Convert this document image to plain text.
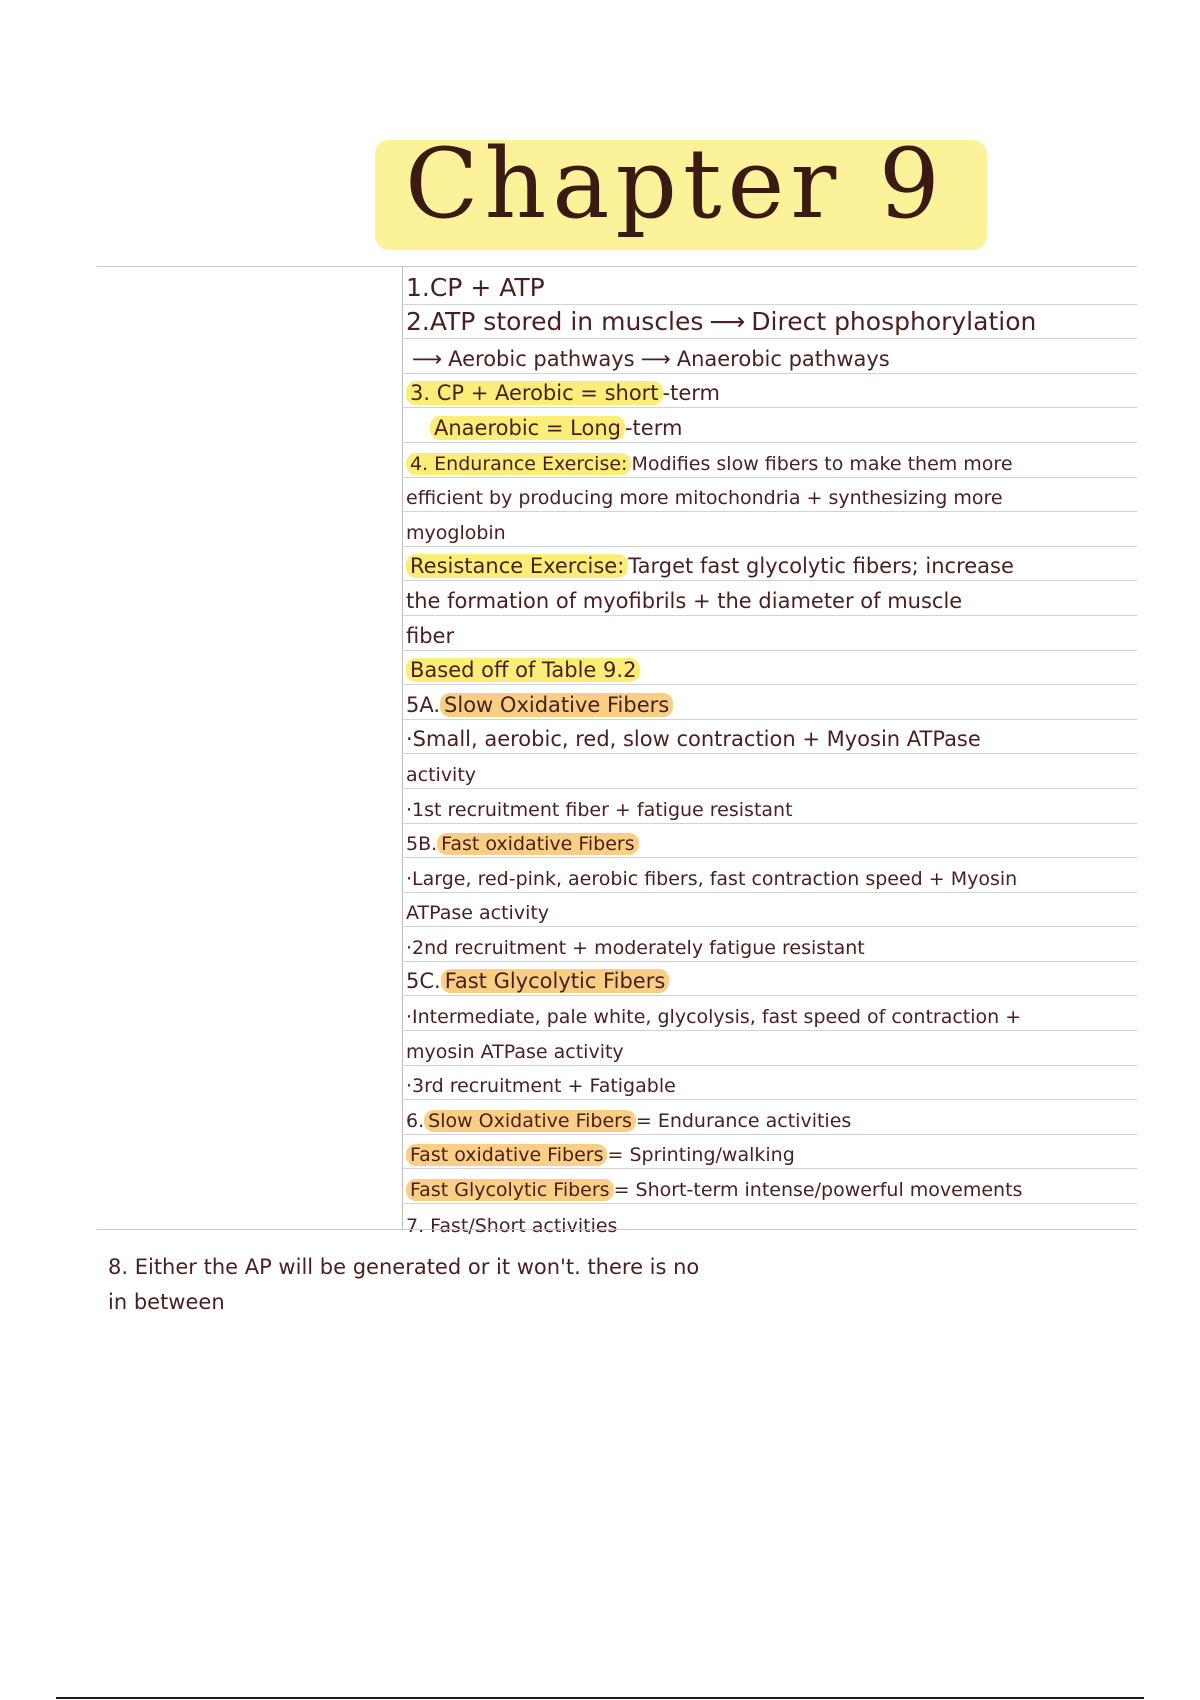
Chapter 9
1.CP + ATP
2.ATP stored in muscles ⟶ Direct phosphorylation
⟶ Aerobic pathways ⟶ Anaerobic pathways
3. CP + Aerobic = short -term
Anaerobic = Long -term
4. Endurance Exercise: Modifies slow fibers to make them more
efficient by producing more mitochondria + synthesizing more
myoglobin
Resistance Exercise: Target fast glycolytic fibers; increase
the formation of myofibrils + the diameter of muscle
fiber
Based off of Table 9.2
5A. Slow Oxidative Fibers
·Small, aerobic, red, slow contraction + Myosin ATPase
activity
·1st recruitment fiber + fatigue resistant
5B. Fast oxidative Fibers
·Large, red-pink, aerobic fibers, fast contraction speed + Myosin
ATPase activity
·2nd recruitment + moderately fatigue resistant
5C. Fast Glycolytic Fibers
·Intermediate, pale white, glycolysis, fast speed of contraction +
myosin ATPase activity
·3rd recruitment + Fatigable
6. Slow Oxidative Fibers = Endurance activities
Fast oxidative Fibers = Sprinting/walking
Fast Glycolytic Fibers = Short-term intense/powerful movements
7. Fast/Short activities
8. Either the AP will be generated or it won't. there is no
in between
